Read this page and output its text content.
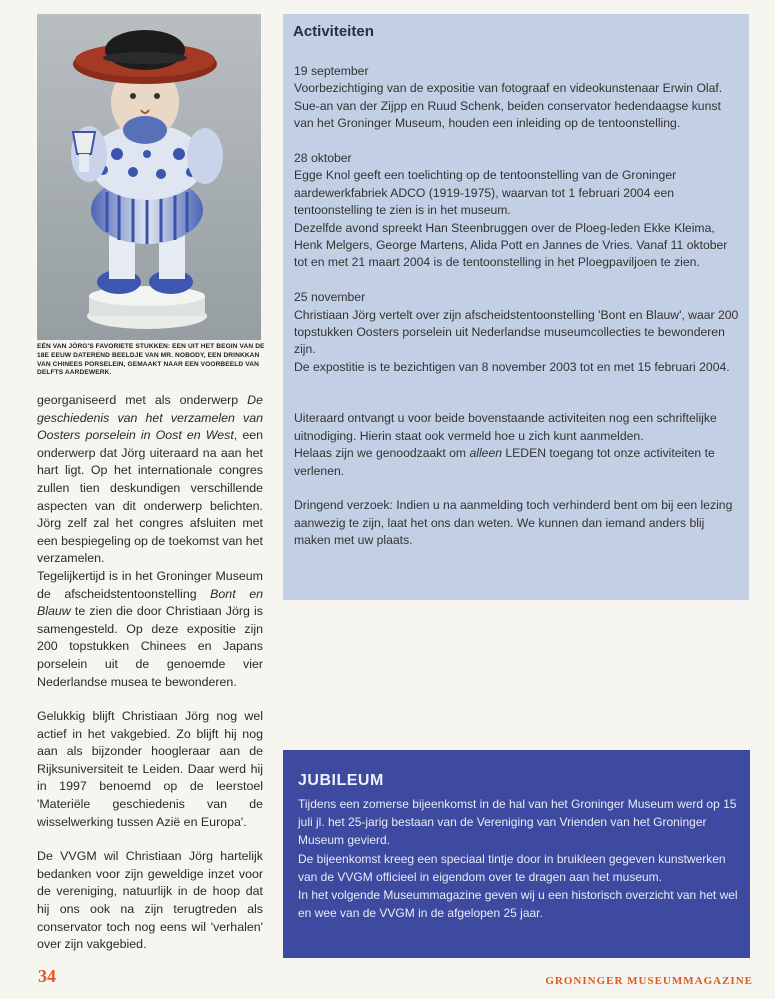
EÉN VAN JÖRG'S FAVORIETE STUKKEN: EEN UIT HET BEGIN VAN DE 18E EEUW DATEREND BEELDJE VAN MR. NOBODY, EEN DRINKKAN VAN CHINEES PORSELEIN, GEMAAKT NAAR EEN VOORBEELD VAN DELFTS AARDEWERK.

georganiseerd met als onderwerp De geschiedenis van het verzamelen van Oosters porselein in Oost en West, een onderwerp dat Jörg uiteraard na aan het hart ligt. Op het internationale congres zullen tien deskundigen verschillende aspecten van dit onderwerp belichten. Jörg zelf zal het congres afsluiten met een bespiegeling op de toekomst van het verzamelen.

Tegelijkertijd is in het Groninger Museum de afscheidstentoonstelling Bont en Blauw te zien die door Christiaan Jörg is samengesteld. Op deze expositie zijn 200 topstukken Chinees en Japans porselein uit de genoemde vier Nederlandse musea te bewonderen.

Gelukkig blijft Christiaan Jörg nog wel actief in het vakgebied. Zo blijft hij nog aan als bijzonder hoogleraar aan de Rijksuniversiteit te Leiden. Daar werd hij in 1997 benoemd op de leerstoel 'Materiële geschiedenis van de wisselwerking tussen Azië en Europa'.

De VVGM wil Christiaan Jörg hartelijk bedanken voor zijn geweldige inzet voor de vereniging, natuurlijk in de hoop dat hij ons ook na zijn terugtreden als conservator toch nog eens wil 'verhalen' over zijn vakgebied.

Activiteiten

19 september
Voorbezichtiging van de expositie van fotograaf en videokunstenaar Erwin Olaf. Sue-an van der Zijpp en Ruud Schenk, beiden conservator hedendaagse kunst van het Groninger Museum, houden een inleiding op de tentoonstelling.

28 oktober
Egge Knol geeft een toelichting op de tentoonstelling van de Groninger aardewerkfabriek ADCO (1919-1975), waarvan tot 1 februari 2004 een tentoonstelling te zien is in het museum.
Dezelfde avond spreekt Han Steenbruggen over de Ploeg-leden Ekke Kleima, Henk Melgers, George Martens, Alida Pott en Jannes de Vries. Vanaf 11 oktober tot en met 21 maart 2004 is de tentoonstelling in het Ploegpaviljoen te zien.

25 november
Christiaan Jörg vertelt over zijn afscheidstentoonstelling 'Bont en Blauw', waar 200 topstukken Oosters porselein uit Nederlandse museumcollecties te bewonderen zijn.
De expostitie is te bezichtigen van 8 november 2003 tot en met 15 februari 2004.

Uiteraard ontvangt u voor beide bovenstaande activiteiten nog een schriftelijke uitnodiging. Hierin staat ook vermeld hoe u zich kunt aanmelden.
Helaas zijn we genoodzaakt om alleen LEDEN toegang tot onze activiteiten te verlenen.

Dringend verzoek: Indien u na aanmelding toch verhinderd bent om bij een lezing aanwezig te zijn, laat het ons dan weten. We kunnen dan iemand anders blij maken met uw plaats.

JUBILEUM

Tijdens een zomerse bijeenkomst in de hal van het Groninger Museum werd op 15 juli jl. het 25-jarig bestaan van de Vereniging van Vrienden van het Groninger Museum gevierd.

De bijeenkomst kreeg een speciaal tintje door in bruikleen gegeven kunstwerken van de VVGM officieel in eigendom over te dragen aan het museum.

In het volgende Museummagazine geven wij u een historisch overzicht van het wel en wee van de VVGM in de afgelopen 25 jaar.

34	GRONINGER MUSEUMMAGAZINE
